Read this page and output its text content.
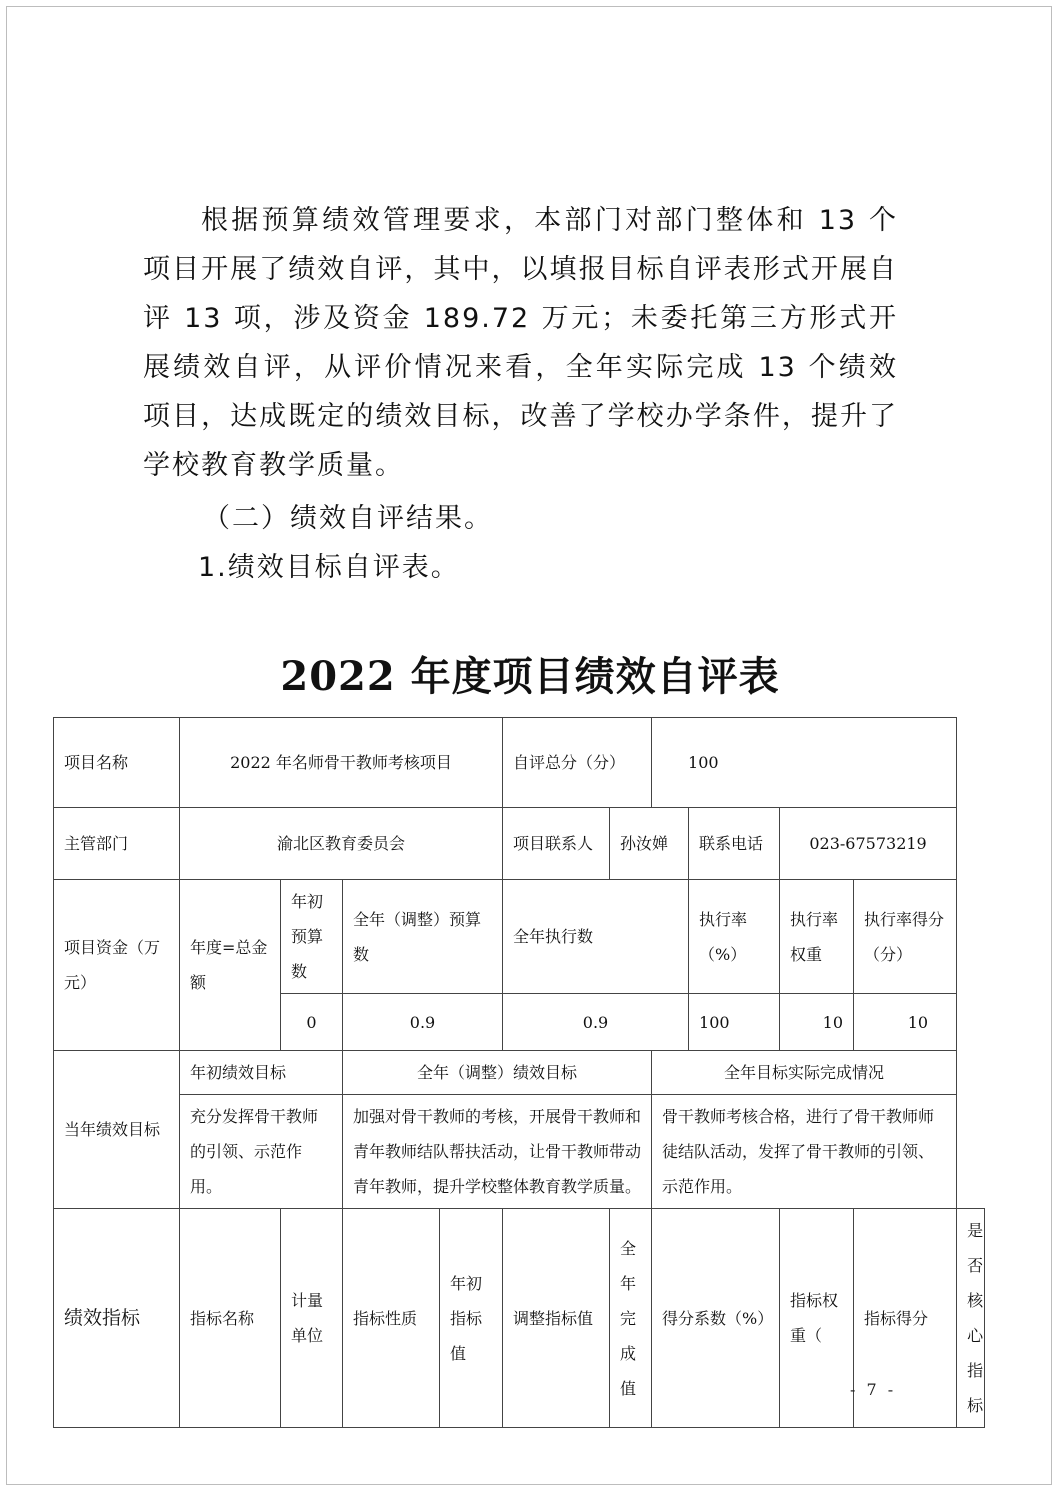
根据预算绩效管理要求，本部门对部门整体和 13 个项目开展了绩效自评，其中，以填报目标自评表形式开展自评 13 项，涉及资金 189.72 万元；未委托第三方形式开展绩效自评，从评价情况来看，全年实际完成 13 个绩效项目，达成既定的绩效目标，改善了学校办学条件，提升了学校教育教学质量。

（二）绩效自评结果。

1.绩效目标自评表。

2022 年度项目绩效自评表
项目名称	2022 年名师骨干教师考核项目				自评总分（分）		100				
主管部门	渝北区教育委员会				项目联系人	孙汝婵		联系电话	023-67573219		
项目资金（万元）	年度=总金额	年初预算数	全年（调整）预算数		全年执行数			执行率（%）	执行率权重	执行率得分（分）	
		0	0.9		0.9			100	10	10	
当年绩效目标	年初绩效目标		全年（调整）绩效目标				全年目标实际完成情况				
	充分发挥骨干教师的引领、示范作用。		加强对骨干教师的考核，开展骨干教师和青年教师结队帮扶活动，让骨干教师带动青年教师，提升学校整体教育教学质量。				骨干教师考核合格，进行了骨干教师师徒结队活动，发挥了骨干教师的引领、示范作用。				
绩效指标	指标名称	计量单位	指标性质	年初指标值	调整指标值	全年完成值	得分系数（%）		指标权重（	指标得分	是否核心指标
- 7 -
